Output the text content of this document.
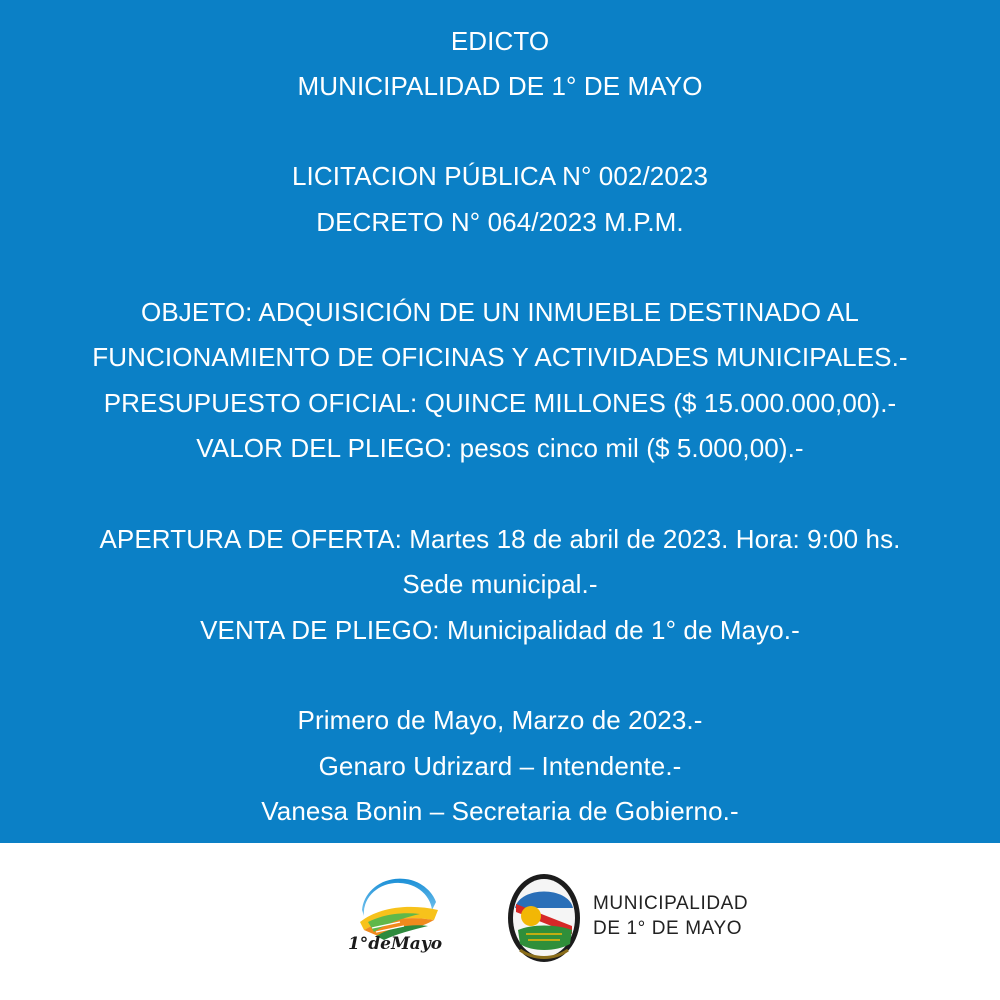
EDICTO
MUNICIPALIDAD DE 1° DE MAYO
LICITACION PÚBLICA N° 002/2023
DECRETO N° 064/2023 M.P.M.
OBJETO: ADQUISICIÓN DE UN INMUEBLE DESTINADO AL
FUNCIONAMIENTO DE OFICINAS Y ACTIVIDADES MUNICIPALES.-
PRESUPUESTO OFICIAL: QUINCE MILLONES ($ 15.000.000,00).-
VALOR DEL PLIEGO: pesos cinco mil ($ 5.000,00).-
APERTURA DE OFERTA: Martes 18 de abril de 2023. Hora: 9:00 hs.
Sede municipal.-
VENTA DE PLIEGO: Municipalidad de 1° de Mayo.-
Primero de Mayo, Marzo de 2023.-
Genaro Udrizard – Intendente.-
Vanesa Bonin – Secretaria de Gobierno.-
1°deMayo
MUNICIPALIDAD
DE 1° DE MAYO
